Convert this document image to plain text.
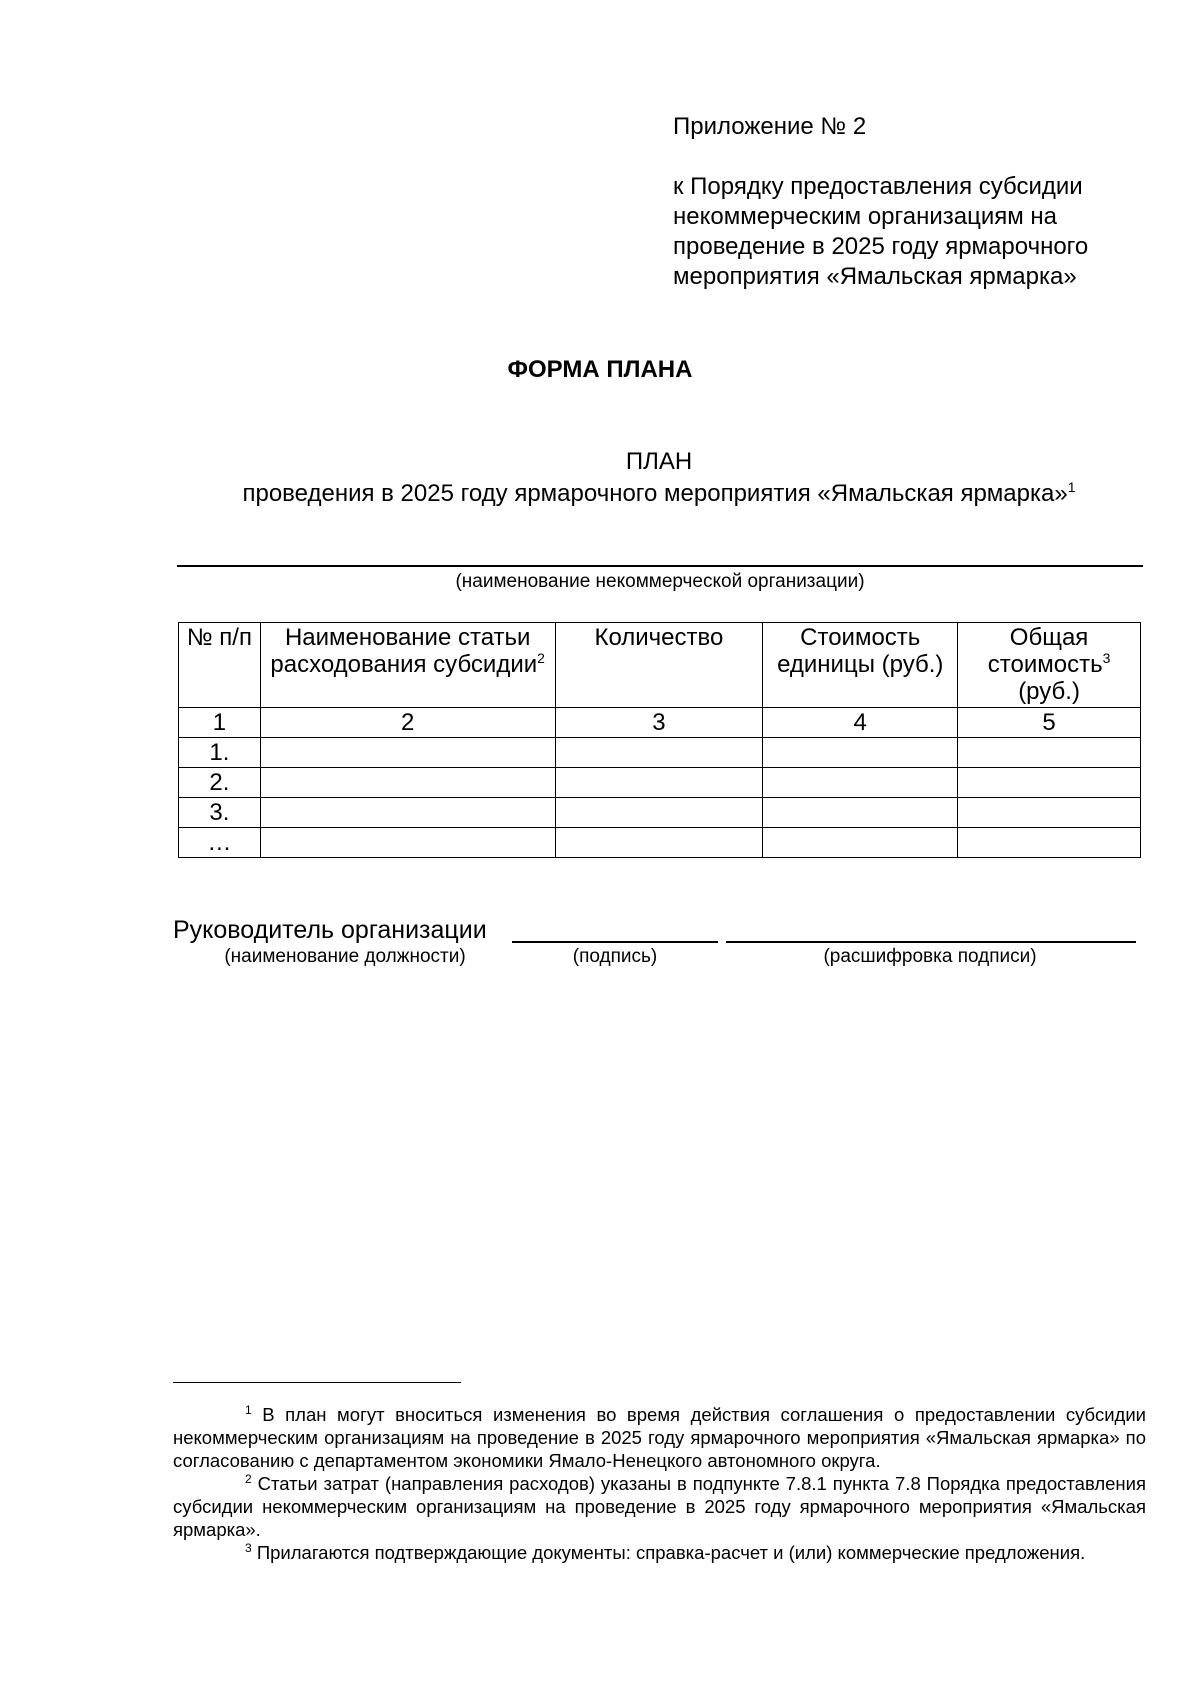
Приложение № 2
к Порядку предоставления субсидии
некоммерческим организациям на
проведение в 2025 году ярмарочного
мероприятия «Ямальская ярмарка»
ФОРМА ПЛАНА
ПЛАН
проведения в 2025 году ярмарочного мероприятия «Ямальская ярмарка»$^1$
(наименование некоммерческой организации)
№ п/п	Наименование статьи расходования субсидии$^2$	Количество	Стоимость единицы (руб.)	Общая стоимость$^3$ (руб.)
1	2	3	4	5
1.				
2.				
3.				
…				
Руководитель организации
(наименование должности)	(подпись)	(расшифровка подписи)

$^1$ В план могут вноситься изменения во время действия соглашения о предоставлении субсидии некоммерческим организациям на проведение в 2025 году ярмарочного мероприятия «Ямальская ярмарка» по согласованию с департаментом экономики Ямало-Ненецкого автономного округа.

$^2$ Статьи затрат (направления расходов) указаны в подпункте 7.8.1 пункта 7.8 Порядка предоставления субсидии некоммерческим организациям на проведение в 2025 году ярмарочного мероприятия «Ямальская ярмарка».

$^3$ Прилагаются подтверждающие документы: справка-расчет и (или) коммерческие предложения.
